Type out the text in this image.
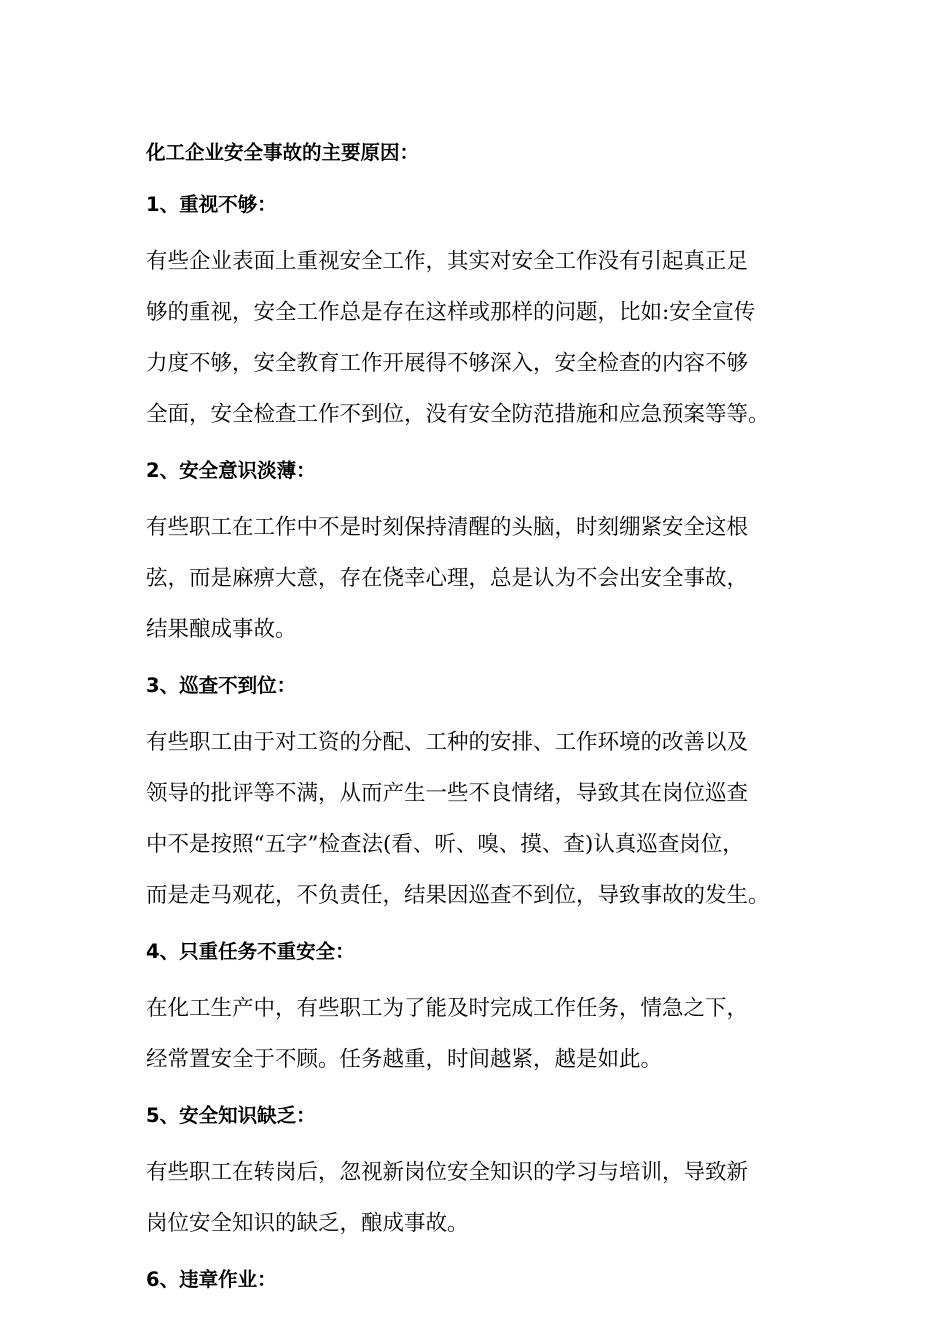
化工企业安全事故的主要原因：
1、重视不够：
有些企业表面上重视安全工作，其实对安全工作没有引起真正足
够的重视，安全工作总是存在这样或那样的问题，比如:安全宣传
力度不够，安全教育工作开展得不够深入，安全检查的内容不够
全面，安全检查工作不到位，没有安全防范措施和应急预案等等。
2、安全意识淡薄：
有些职工在工作中不是时刻保持清醒的头脑，时刻绷紧安全这根
弦，而是麻痹大意，存在侥幸心理，总是认为不会出安全事故，
结果酿成事故。
3、巡查不到位：
有些职工由于对工资的分配、工种的安排、工作环境的改善以及
领导的批评等不满，从而产生一些不良情绪，导致其在岗位巡查
中不是按照“五字”检查法(看、听、嗅、摸、查)认真巡查岗位，
而是走马观花，不负责任，结果因巡查不到位，导致事故的发生。
4、只重任务不重安全：
在化工生产中，有些职工为了能及时完成工作任务，情急之下，
经常置安全于不顾。任务越重，时间越紧，越是如此。
5、安全知识缺乏：
有些职工在转岗后，忽视新岗位安全知识的学习与培训，导致新
岗位安全知识的缺乏，酿成事故。
6、违章作业：
